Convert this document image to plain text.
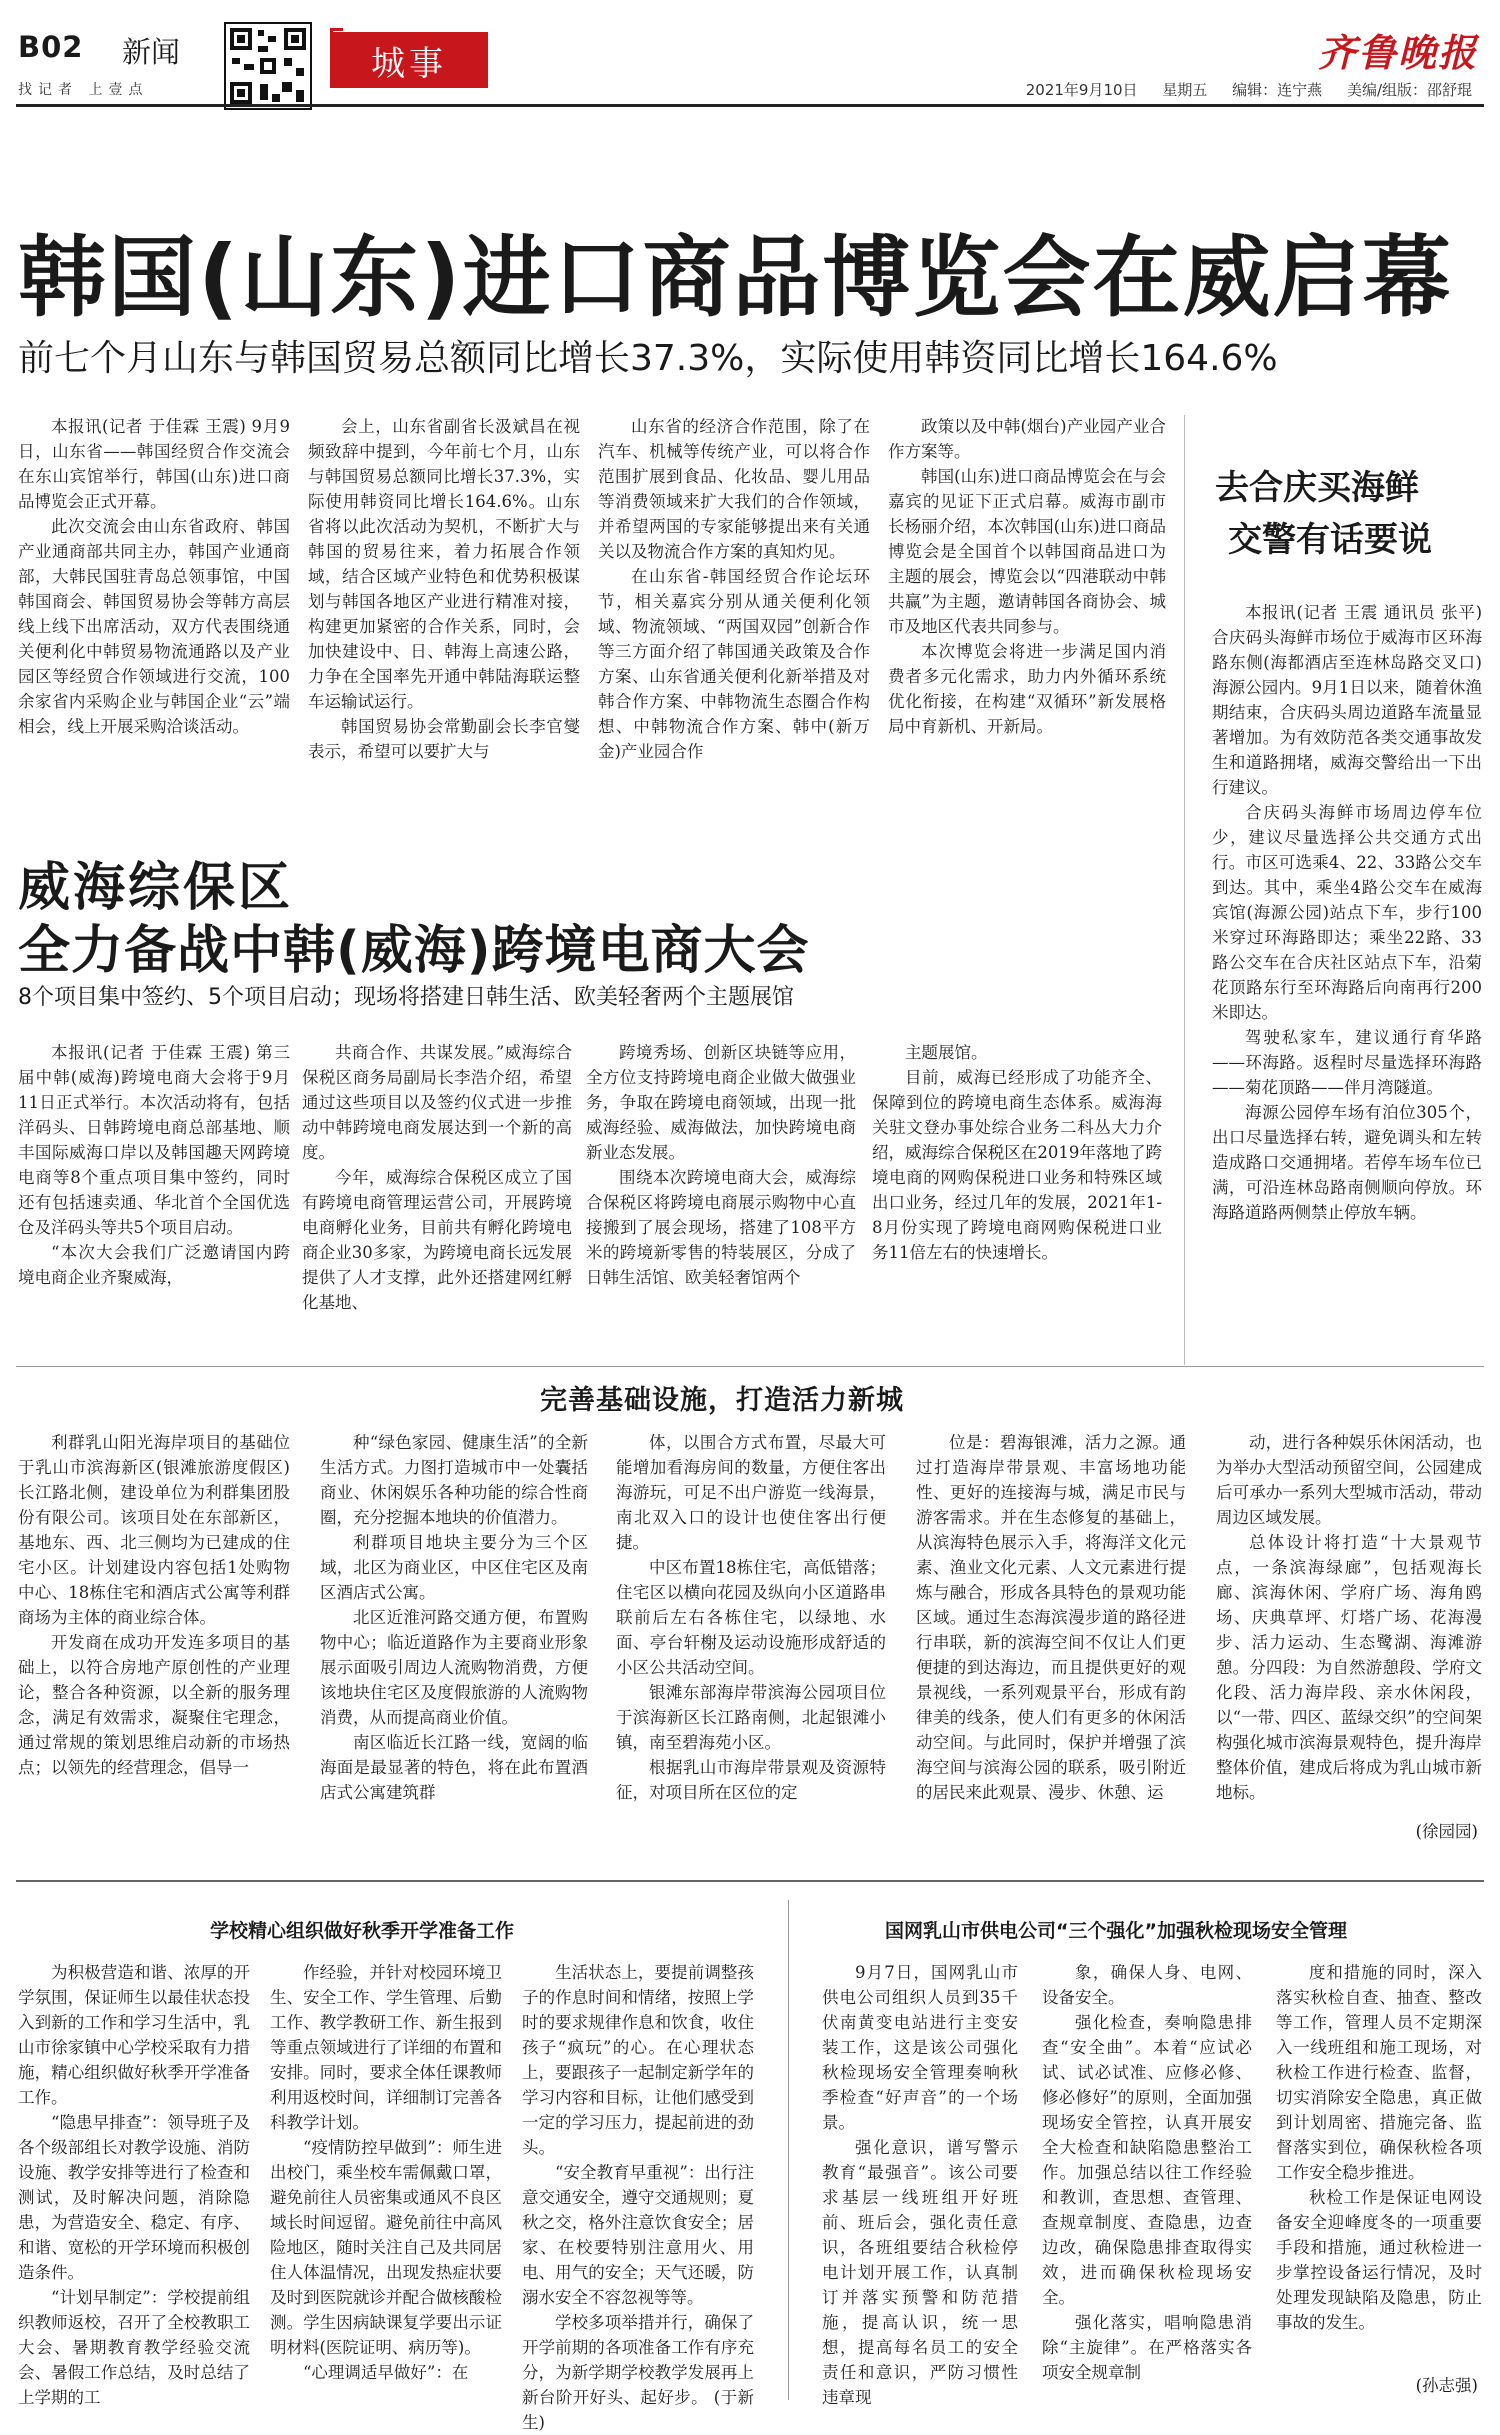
B02 新闻
找记者 上壹点
城事	齐鲁晚报
2021年9月10日 星期五 编辑：连宁燕 美编/组版：邵舒琨
韩国(山东)进口商品博览会在威启幕
前七个月山东与韩国贸易总额同比增长37.3%，实际使用韩资同比增长164.6%

本报讯(记者 于佳霖 王震) 9月9日，山东省——韩国经贸合作交流会在东山宾馆举行，韩国(山东)进口商品博览会正式开幕。

此次交流会由山东省政府、韩国产业通商部共同主办，韩国产业通商部，大韩民国驻青岛总领事馆，中国韩国商会、韩国贸易协会等韩方高层线上线下出席活动，双方代表围绕通关便利化中韩贸易物流通路以及产业园区等经贸合作领域进行交流，100余家省内采购企业与韩国企业“云”端相会，线上开展采购洽谈活动。

会上，山东省副省长汲斌昌在视频致辞中提到，今年前七个月，山东与韩国贸易总额同比增长37.3%，实际使用韩资同比增长164.6%。山东省将以此次活动为契机，不断扩大与韩国的贸易往来，着力拓展合作领域，结合区域产业特色和优势积极谋划与韩国各地区产业进行精准对接，构建更加紧密的合作关系，同时，会加快建设中、日、韩海上高速公路，力争在全国率先开通中韩陆海联运整车运输试运行。

韩国贸易协会常勤副会长李官燮表示，希望可以要扩大与

山东省的经济合作范围，除了在汽车、机械等传统产业，可以将合作范围扩展到食品、化妆品、婴儿用品等消费领域来扩大我们的合作领域，并希望两国的专家能够提出来有关通关以及物流合作方案的真知灼见。

在山东省-韩国经贸合作论坛环节，相关嘉宾分别从通关便利化领域、物流领域、“两国双园”创新合作等三方面介绍了韩国通关政策及合作方案、山东省通关便利化新举措及对韩合作方案、中韩物流生态圈合作构想、中韩物流合作方案、韩中(新万金)产业园合作

政策以及中韩(烟台)产业园产业合作方案等。

韩国(山东)进口商品博览会在与会嘉宾的见证下正式启幕。威海市副市长杨丽介绍，本次韩国(山东)进口商品博览会是全国首个以韩国商品进口为主题的展会，博览会以“四港联动中韩共赢”为主题，邀请韩国各商协会、城市及地区代表共同参与。

本次博览会将进一步满足国内消费者多元化需求，助力内外循环系统优化衔接，在构建“双循环”新发展格局中育新机、开新局。

去合庆买海鲜
交警有话要说

本报讯(记者 王震 通讯员 张平) 合庆码头海鲜市场位于威海市区环海路东侧(海都酒店至连林岛路交叉口)海源公园内。9月1日以来，随着休渔期结束，合庆码头周边道路车流量显著增加。为有效防范各类交通事故发生和道路拥堵，威海交警给出一下出行建议。

合庆码头海鲜市场周边停车位少，建议尽量选择公共交通方式出行。市区可选乘4、22、33路公交车到达。其中，乘坐4路公交车在威海宾馆(海源公园)站点下车，步行100米穿过环海路即达；乘坐22路、33路公交车在合庆社区站点下车，沿菊花顶路东行至环海路后向南再行200米即达。

驾驶私家车，建议通行育华路——环海路。返程时尽量选择环海路——菊花顶路——伴月湾隧道。

海源公园停车场有泊位305个，出口尽量选择右转，避免调头和左转造成路口交通拥堵。若停车场车位已满，可沿连林岛路南侧顺向停放。环海路道路两侧禁止停放车辆。

威海综保区
全力备战中韩(威海)跨境电商大会
8个项目集中签约、5个项目启动；现场将搭建日韩生活、欧美轻奢两个主题展馆

本报讯(记者 于佳霖 王震) 第三届中韩(威海)跨境电商大会将于9月11日正式举行。本次活动将有，包括洋码头、日韩跨境电商总部基地、顺丰国际威海口岸以及韩国趣天网跨境电商等8个重点项目集中签约，同时还有包括速卖通、华北首个全国优选仓及洋码头等共5个项目启动。

“本次大会我们广泛邀请国内跨境电商企业齐聚威海，

共商合作、共谋发展。”威海综合保税区商务局副局长李浩介绍，希望通过这些项目以及签约仪式进一步推动中韩跨境电商发展达到一个新的高度。

今年，威海综合保税区成立了国有跨境电商管理运营公司，开展跨境电商孵化业务，目前共有孵化跨境电商企业30多家，为跨境电商长远发展提供了人才支撑，此外还搭建网红孵化基地、

跨境秀场、创新区块链等应用，全方位支持跨境电商企业做大做强业务，争取在跨境电商领域，出现一批威海经验、威海做法，加快跨境电商新业态发展。

围绕本次跨境电商大会，威海综合保税区将跨境电商展示购物中心直接搬到了展会现场，搭建了108平方米的跨境新零售的特装展区，分成了日韩生活馆、欧美轻奢馆两个

主题展馆。

目前，威海已经形成了功能齐全、保障到位的跨境电商生态体系。威海海关驻文登办事处综合业务二科丛大力介绍，威海综合保税区在2019年落地了跨境电商的网购保税进口业务和特殊区域出口业务，经过几年的发展，2021年1-8月份实现了跨境电商网购保税进口业务11倍左右的快速增长。

完善基础设施，打造活力新城

利群乳山阳光海岸项目的基础位于乳山市滨海新区(银滩旅游度假区)长江路北侧，建设单位为利群集团股份有限公司。该项目处在东部新区，基地东、西、北三侧均为已建成的住宅小区。计划建设内容包括1处购物中心、18栋住宅和酒店式公寓等利群商场为主体的商业综合体。

开发商在成功开发连多项目的基础上，以符合房地产原创性的产业理论，整合各种资源，以全新的服务理念，满足有效需求，凝聚住宅理念，通过常规的策划思维启动新的市场热点；以领先的经营理念，倡导一

种“绿色家园、健康生活”的全新生活方式。力图打造城市中一处囊括商业、休闲娱乐各种功能的综合性商圈，充分挖掘本地块的价值潜力。

利群项目地块主要分为三个区域，北区为商业区，中区住宅区及南区酒店式公寓。

北区近淮河路交通方便，布置购物中心；临近道路作为主要商业形象展示面吸引周边人流购物消费，方便该地块住宅区及度假旅游的人流购物消费，从而提高商业价值。

南区临近长江路一线，宽阔的临海面是最显著的特色，将在此布置酒店式公寓建筑群

体，以围合方式布置，尽最大可能增加看海房间的数量，方便住客出海游玩，可足不出户游览一线海景，南北双入口的设计也使住客出行便捷。

中区布置18栋住宅，高低错落；住宅区以横向花园及纵向小区道路串联前后左右各栋住宅，以绿地、水面、亭台轩榭及运动设施形成舒适的小区公共活动空间。

银滩东部海岸带滨海公园项目位于滨海新区长江路南侧，北起银滩小镇，南至碧海苑小区。

根据乳山市海岸带景观及资源特征，对项目所在区位的定

位是：碧海银滩，活力之源。通过打造海岸带景观、丰富场地功能性、更好的连接海与城，满足市民与游客需求。并在生态修复的基础上，从滨海特色展示入手，将海洋文化元素、渔业文化元素、人文元素进行提炼与融合，形成各具特色的景观功能区域。通过生态海滨漫步道的路径进行串联，新的滨海空间不仅让人们更便捷的到达海边，而且提供更好的观景视线，一系列观景平台，形成有韵律美的线条，使人们有更多的休闲活动空间。与此同时，保护并增强了滨海空间与滨海公园的联系，吸引附近的居民来此观景、漫步、休憩、运

动，进行各种娱乐休闲活动，也为举办大型活动预留空间，公园建成后可承办一系列大型城市活动，带动周边区域发展。

总体设计将打造“十大景观节点，一条滨海绿廊”，包括观海长廊、滨海休闲、学府广场、海角鸥场、庆典草坪、灯塔广场、花海漫步、活力运动、生态鹭湖、海滩游憩。分四段：为自然游憩段、学府文化段、活力海岸段、亲水休闲段，以“一带、四区、蓝绿交织”的空间架构强化城市滨海景观特色，提升海岸整体价值，建成后将成为乳山城市新地标。

(徐园园)
学校精心组织做好秋季开学准备工作

为积极营造和谐、浓厚的开学氛围，保证师生以最佳状态投入到新的工作和学习生活中，乳山市徐家镇中心学校采取有力措施，精心组织做好秋季开学准备工作。

“隐患早排查”：领导班子及各个级部组长对教学设施、消防设施、教学安排等进行了检查和测试，及时解决问题，消除隐患，为营造安全、稳定、有序、和谐、宽松的开学环境而积极创造条件。

“计划早制定”：学校提前组织教师返校，召开了全校教职工大会、暑期教育教学经验交流会、暑假工作总结，及时总结了上学期的工

作经验，并针对校园环境卫生、安全工作、学生管理、后勤工作、教学教研工作、新生报到等重点领域进行了详细的布置和安排。同时，要求全体任课教师利用返校时间，详细制订完善各科教学计划。

“疫情防控早做到”：师生进出校门，乘坐校车需佩戴口罩，避免前往人员密集或通风不良区域长时间逗留。避免前往中高风险地区，随时关注自己及共同居住人体温情况，出现发热症状要及时到医院就诊并配合做核酸检测。学生因病缺课复学要出示证明材料(医院证明、病历等)。

“心理调适早做好”：在

生活状态上，要提前调整孩子的作息时间和情绪，按照上学时的要求规律作息和饮食，收住孩子“疯玩”的心。在心理状态上，要跟孩子一起制定新学年的学习内容和目标，让他们感受到一定的学习压力，提起前进的劲头。

“安全教育早重视”：出行注意交通安全，遵守交通规则；夏秋之交，格外注意饮食安全；居家、在校要特别注意用火、用电、用气的安全；天气还暖，防溺水安全不容忽视等等。

学校多项举措并行，确保了开学前期的各项准备工作有序充分，为新学期学校教学发展再上新台阶开好头、起好步。 (于新生)

国网乳山市供电公司“三个强化”加强秋检现场安全管理

9月7日，国网乳山市供电公司组织人员到35千伏南黄变电站进行主变安装工作，这是该公司强化秋检现场安全管理奏响秋季检查“好声音”的一个场景。

强化意识，谱写警示教育“最强音”。该公司要求基层一线班组开好班前、班后会，强化责任意识，各班组要结合秋检停电计划开展工作，认真制订并落实预警和防范措施，提高认识，统一思想，提高每名员工的安全责任和意识，严防习惯性违章现

象，确保人身、电网、设备安全。

强化检查，奏响隐患排查“安全曲”。本着“应试必试、试必试准、应修必修、修必修好”的原则，全面加强现场安全管控，认真开展安全大检查和缺陷隐患整治工作。加强总结以往工作经验和教训，查思想、查管理、查规章制度、查隐患，边查边改，确保隐患排查取得实效，进而确保秋检现场安全。

强化落实，唱响隐患消除“主旋律”。在严格落实各项安全规章制

度和措施的同时，深入落实秋检自查、抽查、整改等工作，管理人员不定期深入一线班组和施工现场，对秋检工作进行检查、监督，切实消除安全隐患，真正做到计划周密、措施完备、监督落实到位，确保秋检各项工作安全稳步推进。

秋检工作是保证电网设备安全迎峰度冬的一项重要手段和措施，通过秋检进一步掌控设备运行情况，及时处理发现缺陷及隐患，防止事故的发生。

(孙志强)
